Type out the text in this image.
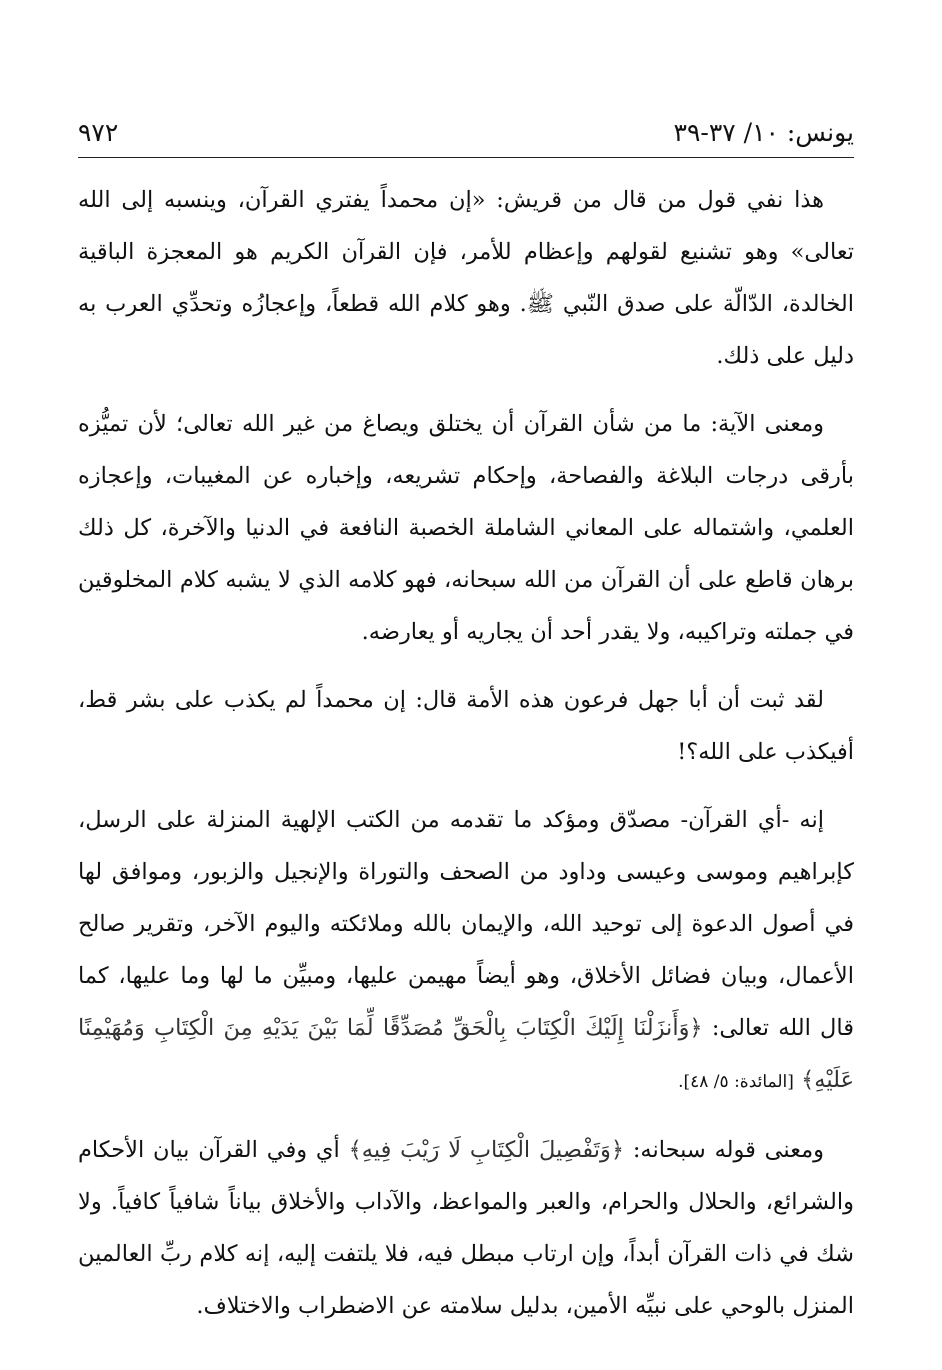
يونس: ١٠/ ٣٧-٣٩
٩٧٢

هذا نفي قول من قال من قريش: «إن محمداً يفتري القرآن، وينسبه إلى الله تعالى» وهو تشنيع لقولهم وإعظام للأمر، فإن القرآن الكريم هو المعجزة الباقية الخالدة، الدّالّة على صدق النّبي ﷺ. وهو كلام الله قطعاً، وإعجازُه وتحدِّي العرب به دليل على ذلك.

ومعنى الآية: ما من شأن القرآن أن يختلق ويصاغ من غير الله تعالى؛ لأن تميُّزه بأرقى درجات البلاغة والفصاحة، وإحكام تشريعه، وإخباره عن المغيبات، وإعجازه العلمي، واشتماله على المعاني الشاملة الخصبة النافعة في الدنيا والآخرة، كل ذلك برهان قاطع على أن القرآن من الله سبحانه، فهو كلامه الذي لا يشبه كلام المخلوقين في جملته وتراكيبه، ولا يقدر أحد أن يجاريه أو يعارضه.

لقد ثبت أن أبا جهل فرعون هذه الأمة قال: إن محمداً لم يكذب على بشر قط، أفيكذب على الله؟!

إنه -أي القرآن- مصدّق ومؤكد ما تقدمه من الكتب الإلهية المنزلة على الرسل، كإبراهيم وموسى وعيسى وداود من الصحف والتوراة والإنجيل والزبور، وموافق لها في أصول الدعوة إلى توحيد الله، والإيمان بالله وملائكته واليوم الآخر، وتقرير صالح الأعمال، وبيان فضائل الأخلاق، وهو أيضاً مهيمن عليها، ومبيِّن ما لها وما عليها، كما قال الله تعالى: ﴿وَأَنزَلْنَا إِلَيْكَ الْكِتَابَ بِالْحَقِّ مُصَدِّقًا لِّمَا بَيْنَ يَدَيْهِ مِنَ الْكِتَابِ وَمُهَيْمِنًا عَلَيْهِ﴾ [المائدة: ٥/ ٤٨].

ومعنى قوله سبحانه: ﴿وَتَفْصِيلَ الْكِتَابِ لَا رَيْبَ فِيهِ﴾ أي وفي القرآن بيان الأحكام والشرائع، والحلال والحرام، والعبر والمواعظ، والآداب والأخلاق بياناً شافياً كافياً. ولا شك في ذات القرآن أبداً، وإن ارتاب مبطل فيه، فلا يلتفت إليه، إنه كلام ربِّ العالمين المنزل بالوحي على نبيِّه الأمين، بدليل سلامته عن الاضطراب والاختلاف.
